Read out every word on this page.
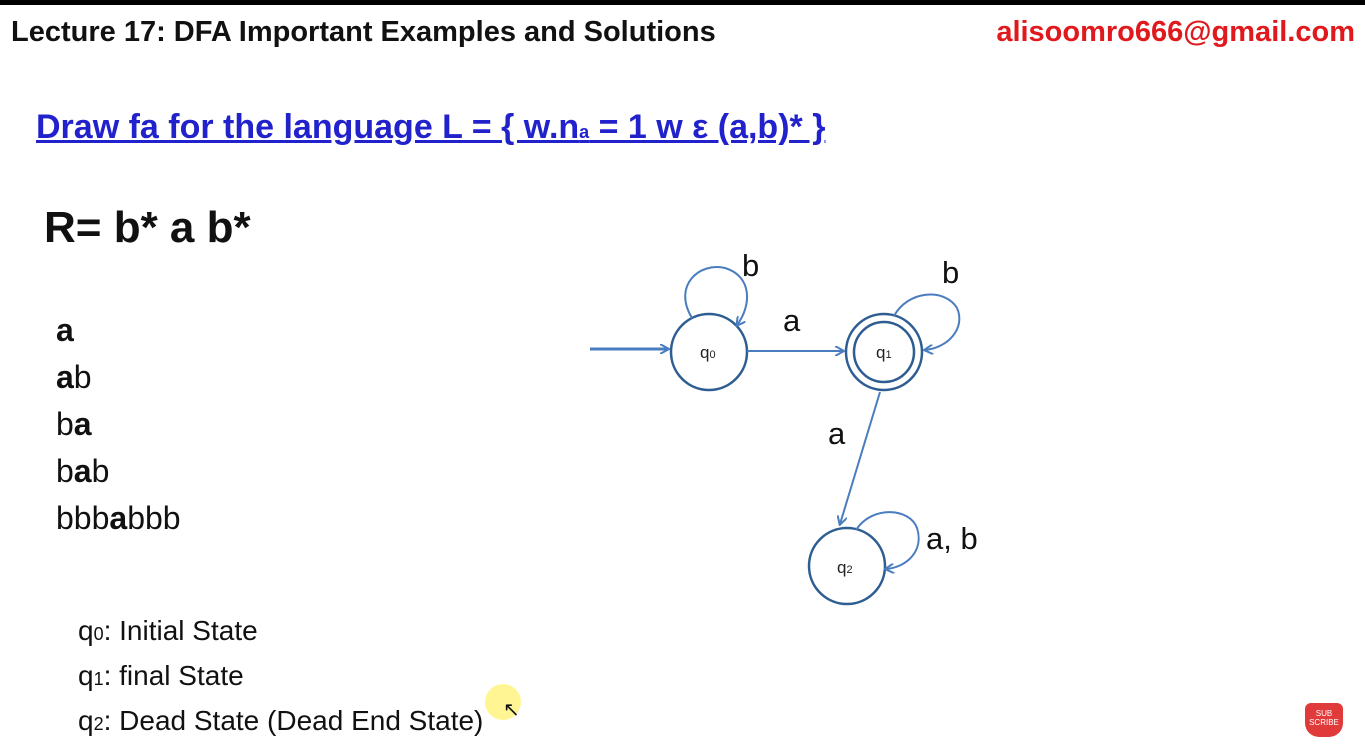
Lecture 17: DFA Important Examples and Solutions	alisoomro666@gmail.com
Draw fa for the language L = { w.na = 1 w ε (a,b)* }
R= b* a b*
a
ab
ba
bab
bbbabbb
q0: Initial State
q1: final State
q2: Dead State (Dead End State)
q0	q1
q2
b
a
b
a
a, b
↖	SUB
SCRIBE
